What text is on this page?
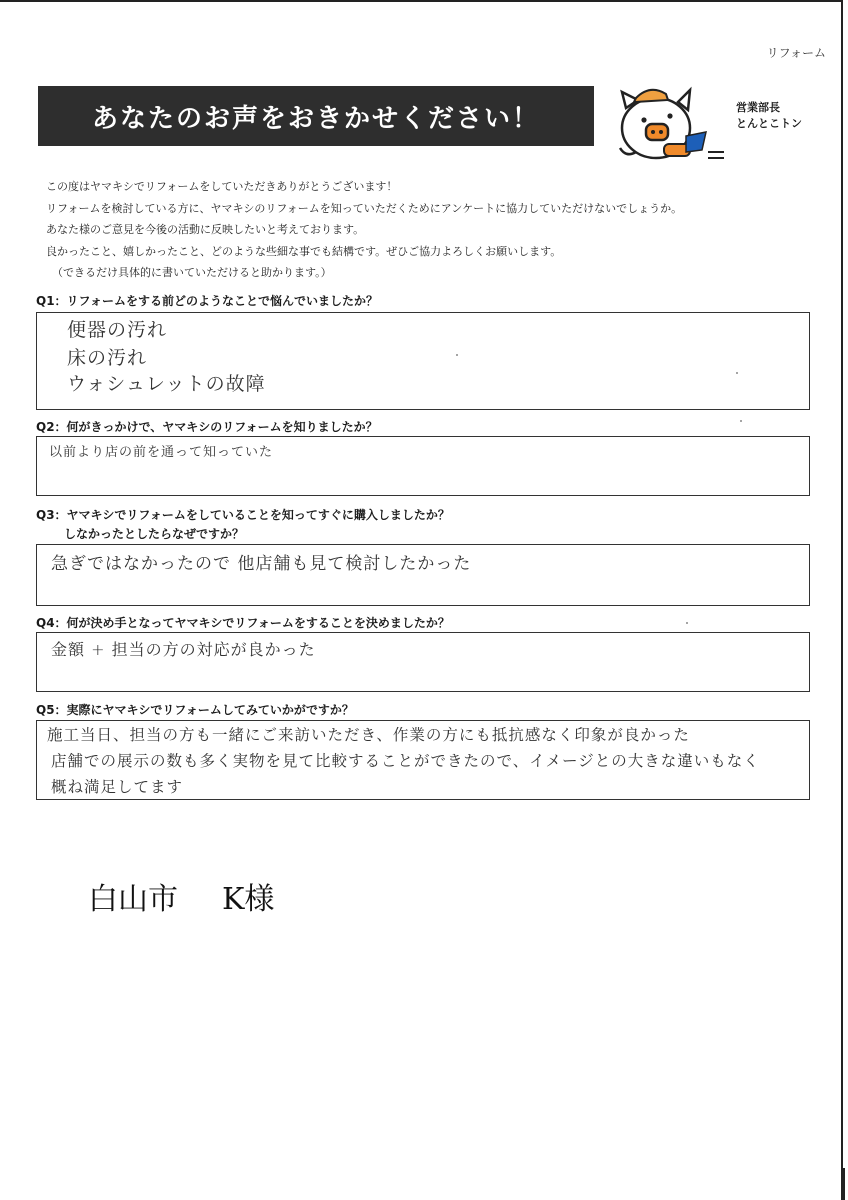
リフォーム
あなたのお声をおきかせください！	営業部長
とんとこトン
この度はヤマキシでリフォームをしていただきありがとうございます！
リフォームを検討している方に、ヤマキシのリフォームを知っていただくためにアンケートに協力していただけないでしょうか。
あなた様のご意見を今後の活動に反映したいと考えております。
良かったこと、嬉しかったこと、どのような些細な事でも結構です。ぜひご協力よろしくお願いします。
（できるだけ具体的に書いていただけると助かります。）
Q1：リフォームをする前どのようなことで悩んでいましたか？
便器の汚れ
床の汚れ
ウォシュレットの故障
Q2：何がきっかけで、ヤマキシのリフォームを知りましたか？
以前より店の前を通って知っていた
Q3：ヤマキシでリフォームをしていることを知ってすぐに購入しましたか？
しなかったとしたらなぜですか？
急ぎではなかったので 他店舗も見て検討したかった
Q4：何が決め手となってヤマキシでリフォームをすることを決めましたか？
金額 + 担当の方の対応が良かった
Q5：実際にヤマキシでリフォームしてみていかがですか？
施工当日、担当の方も一緒にご来訪いただき、作業の方にも抵抗感なく印象が良かった
店舗での展示の数も多く実物を見て比較することができたので、イメージとの大きな違いもなく
概ね満足してます
白山市 K様
